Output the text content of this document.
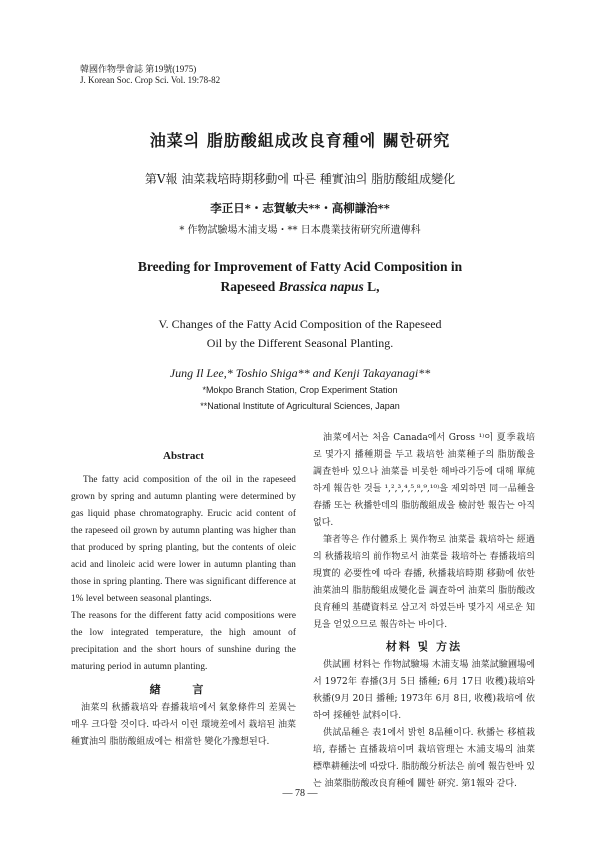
韓國作物學會誌 第19號(1975)
J. Korean Soc. Crop Sci. Vol. 19:78-82
油菜의 脂肪酸組成改良育種에 關한研究
第Ⅴ報 油菜栽培時期移動에 따른 種實油의 脂肪酸組成變化
李正日*・志賀敏夫**・高柳謙治**
* 作物試驗場木浦支場・** 日本農業技術研究所遺傳科
Breeding for Improvement of Fatty Acid Composition in
Rapeseed Brassica napus L,
V. Changes of the Fatty Acid Composition of the Rapeseed
Oil by the Different Seasonal Planting.
Jung Il Lee,* Toshio Shiga** and Kenji Takayanagi**
*Mokpo Branch Station, Crop Experiment Station
**National Institute of Agricultural Sciences, Japan
Abstract

The fatty acid composition of the oil in the rapeseed grown by spring and autumn planting were determined by gas liquid phase chromatography. Erucic acid content of the rapeseed oil grown by autumn planting was higher than that produced by spring planting, but the contents of oleic acid and linoleic acid were lower in autumn planting than those in spring planting. There was significant difference at 1% level between seasonal plantings.

The reasons for the different fatty acid compositions were the low integrated temperature, the high amount of precipitation and the short hours of sunshine during the maturing period in autumn planting.

緖 言

油菜의 秋播栽培와 春播栽培에서 氣象條件의 差異는 매우 크다할 것이다. 따라서 이런 環境差에서 栽培된 油菜種實油의 脂肪酸組成에는 相當한 變化가豫想된다.

油菜에서는 처음 Canada에서 Gross ¹⁾이 夏季栽培로 몇가지 播種期를 두고 栽培한 油菜種子의 脂肪酸을 調査한바 있으나 油菜를 비롯한 해바라기등에 대해 單純하게 報告한 것들 ¹,²,³,⁴,⁵,⁸,⁹,¹⁰⁾을 제외하면 同一品種을 春播 또는 秋播한데의 脂肪酸組成을 檢討한 報告는 아직 없다.

筆者等은 作付體系上 異作物로 油菜를 栽培하는 經過의 秋播栽培의 前作物로서 油菜를 栽培하는 春播栽培의 現實的 必要性에 따라 春播, 秋播栽培時期 移動에 依한 油菜油의 脂肪酸組成變化를 調査하여 油菜의 脂肪酸改良育種의 基礎資料로 삼고저 하였든바 몇가지 새로운 知見을 얻었으므로 報告하는 바이다.

材料 및 方法

供試圃 材料는 作物試驗場 木浦支場 油菜試驗圃場에서 1972年 春播(3月 5日 播種; 6月 17日 收穫)栽培와 秋播(9月 20日 播種; 1973年 6月 8日, 收穫)栽培에 依하여 採種한 試料이다.

供試品種은 表1에서 밝힌 8品種이다. 秋播는 移植栽培, 春播는 直播栽培이며 栽培管理는 木浦支場의 油菜標準耕種法에 따랐다. 脂肪酸分析法은 前에 報告한바 있는 油菜脂肪酸改良育種에 關한 研究. 第1報와 같다.

— 78 —
